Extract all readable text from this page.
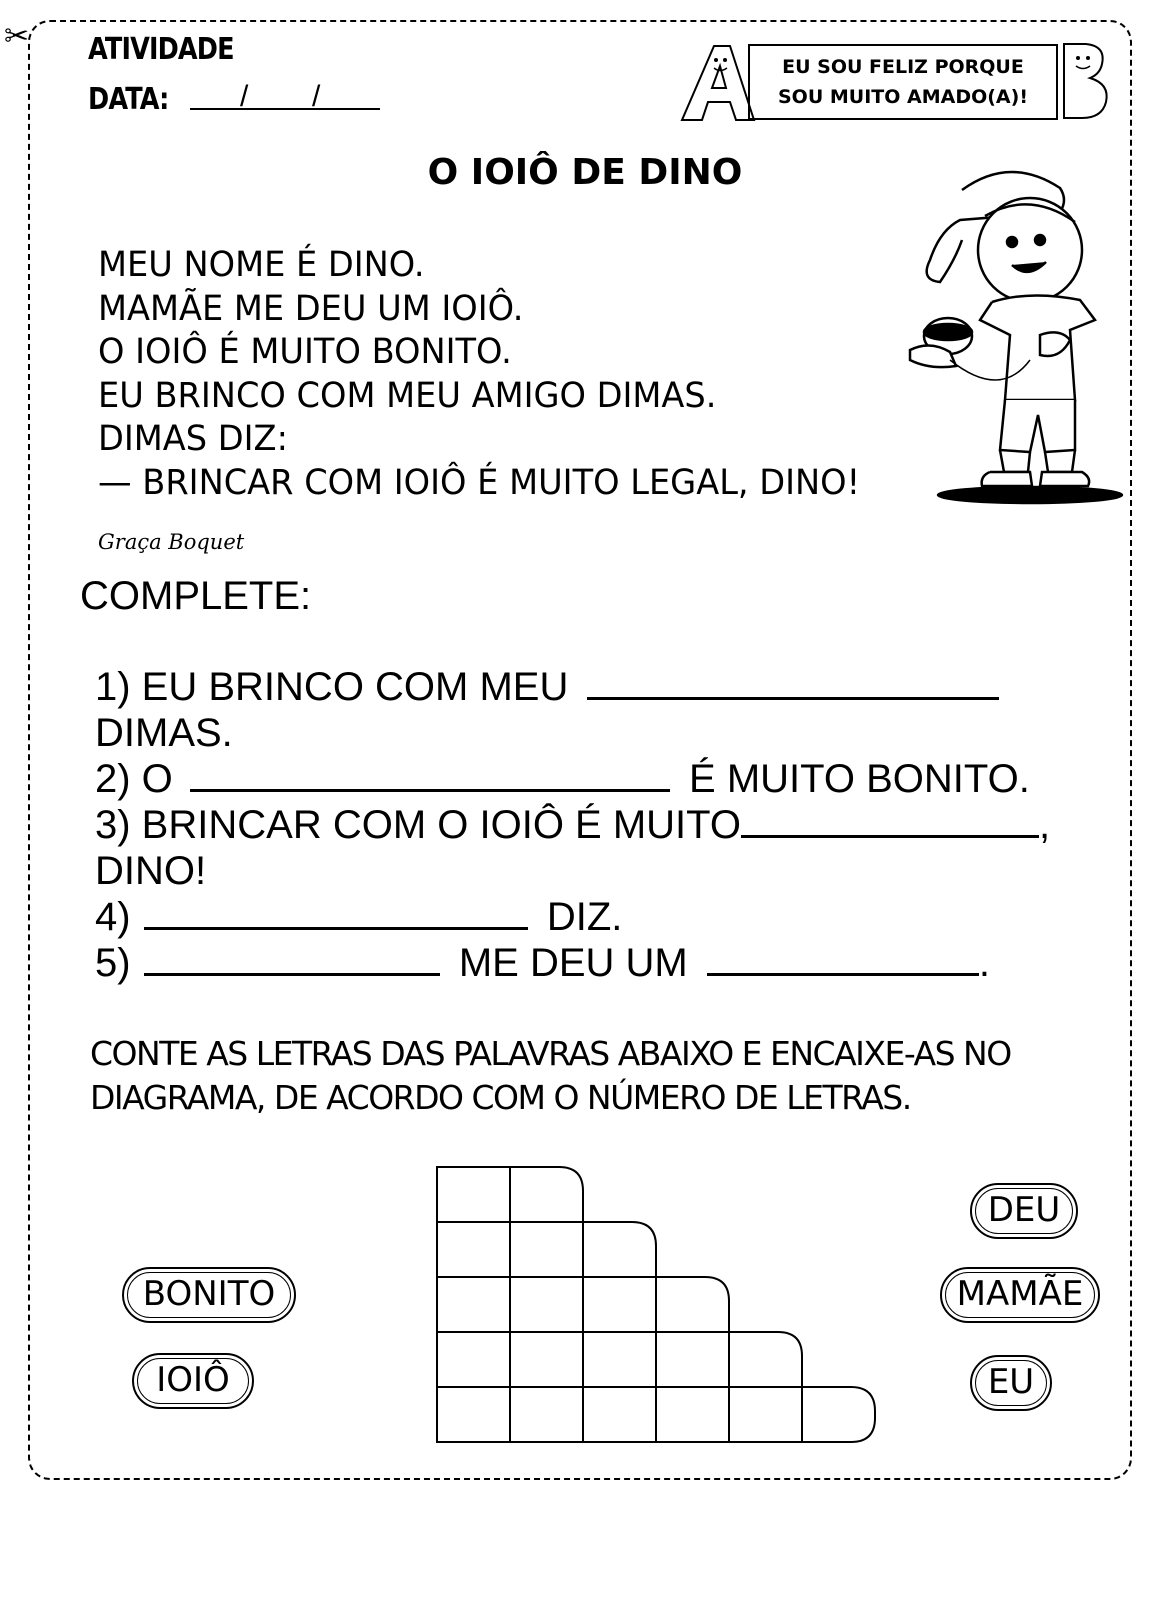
✂ ATIVIDADE
DATA: / /
EU SOU FELIZ PORQUE
SOU MUITO AMADO(A)!
O IOIÔ DE DINO
MEU NOME É DINO.
MAMÃE ME DEU UM IOIÔ.
O IOIÔ É MUITO BONITO.
EU BRINCO COM MEU AMIGO DIMAS.
DIMAS DIZ:
— BRINCAR COM IOIÔ É MUITO LEGAL, DINO!
Graça Boquet
COMPLETE:
1) EU BRINCO COM MEU
DIMAS.
2) O	É MUITO BONITO.
3) BRINCAR COM O IOIÔ É MUITO	,
DINO!
4)	DIZ.
5)	ME DEU UM	.
CONTE AS LETRAS DAS PALAVRAS ABAIXO E ENCAIXE-AS NO
DIAGRAMA, DE ACORDO COM O NÚMERO DE LETRAS.
BONITO
IOIÔ
DEU
MAMÃE
EU
